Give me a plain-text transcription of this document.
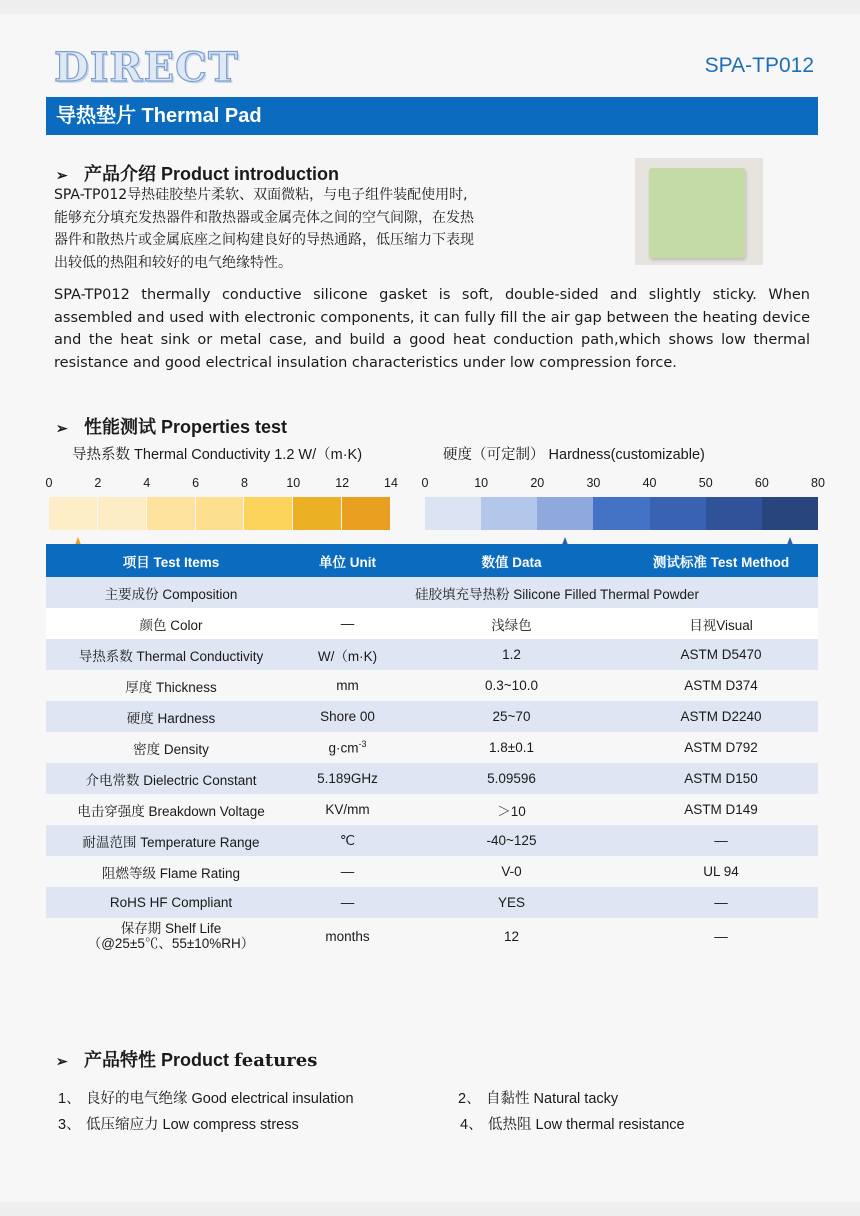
DIRECT	SPA-TP012
导热垫片 Thermal Pad
➢ 产品介绍 Product introduction
SPA-TP012导热硅胶垫片柔软、双面微粘，与电子组件装配使用时,
能够充分填充发热器件和散热器或金属壳体之间的空气间隙，在发热
器件和散热片或金属底座之间构建良好的导热通路，低压缩力下表现
出较低的热阻和较好的电气绝缘特性。
SPA-TP012 thermally conductive silicone gasket is soft, double-sided and slightly sticky. When assembled and used with electronic components, it can fully fill the air gap between the heating device and the heat sink or metal case, and build a good heat conduction path,which shows low thermal resistance and good electrical insulation characteristics under low compression force.
➢ 性能测试 Properties test
导热系数 Thermal Conductivity 1.2 W/（m·K)	硬度（可定制） Hardness(customizable)
0	2	4	6	8	10	12	14 0	10	20	30	40	50	60	80
项目 Test Items	单位 Unit	数值 Data	测试标准 Test Method
主要成份 Composition	硅胶填充导热粉 Silicone Filled Thermal Powder		
颜色 Color	—	浅绿色	目视Visual
导热系数 Thermal Conductivity	W/（m·K)	1.2	ASTM D5470
厚度 Thickness	mm	0.3~10.0	ASTM D374
硬度 Hardness	Shore 00	25~70	ASTM D2240
密度 Density	$g\cdot cm^{-3}$	1.8±0.1	ASTM D792
介电常数 Dielectric Constant	5.189GHz	5.09596	ASTM D150
电击穿强度 Breakdown Voltage	KV/mm	＞10	ASTM D149
耐温范围 Temperature Range	℃	-40~125	—
阻燃等级 Flame Rating	—	V-0	UL 94
RoHS HF Compliant	—	YES	—

保存期 Shelf Life
（@25±5℃、55±10%RH）	months	12	—
➢ 产品特性 Product features
1、 良好的电气绝缘 Good electrical insulation	2、 自黏性 Natural tacky
3、 低压缩应力 Low compress stress	4、 低热阻 Low thermal resistance
